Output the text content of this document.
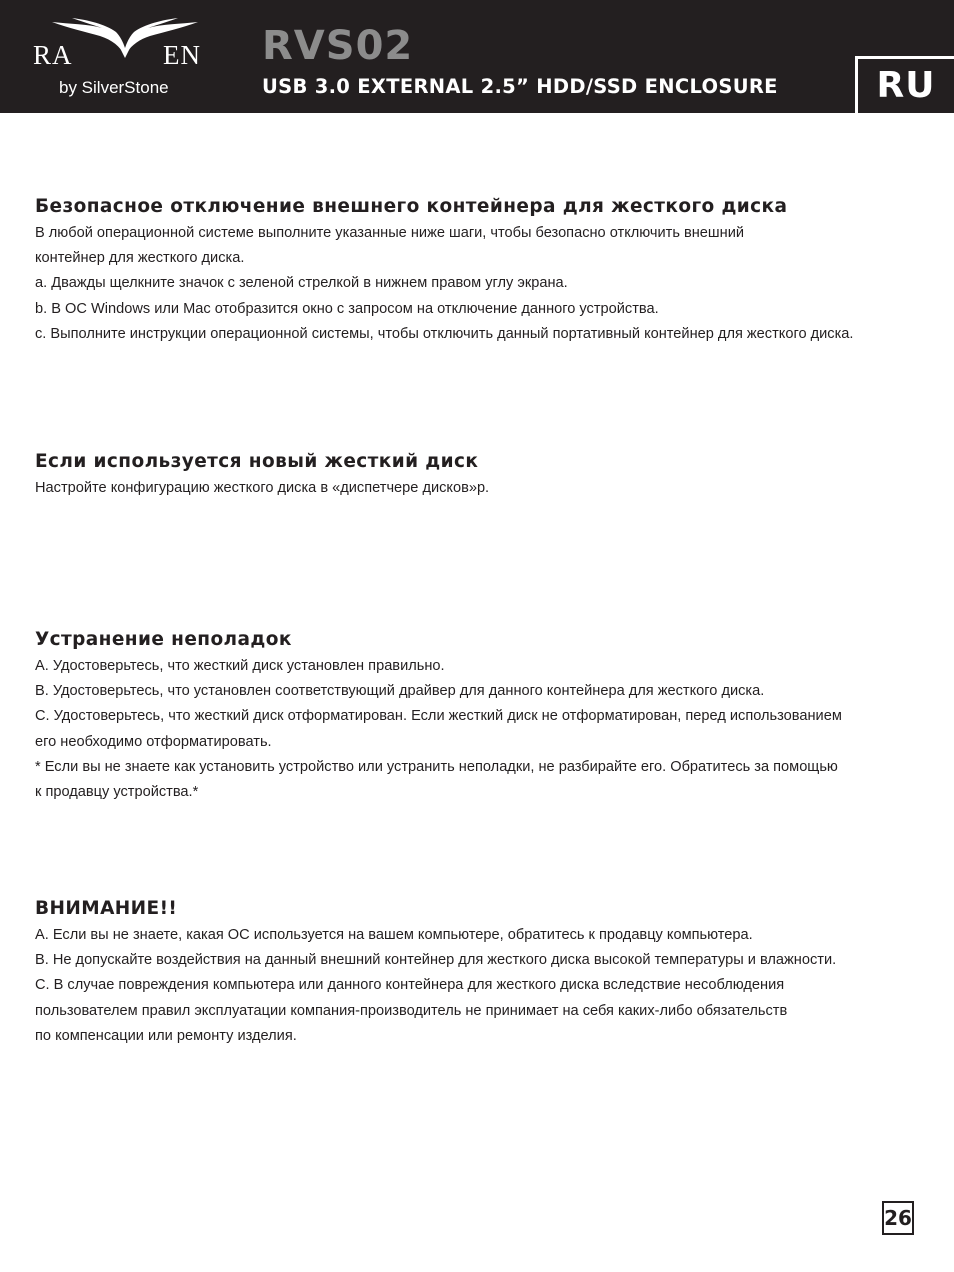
RA	EN
by SilverStone
RVS02
USB 3.0 EXTERNAL 2.5” HDD/SSD ENCLOSURE	RU
Безопасное отключение внешнего контейнера для жесткого диска

В любой операционной системе выполните указанные ниже шаги, чтобы безопасно отключить внешний

контейнер для жесткого диска.

a. Дважды щелкните значок с зеленой стрелкой в нижнем правом углу экрана.

b. В ОС Windows или Mac отобразится окно с запросом на отключение данного устройства.

c. Выполните инструкции операционной системы, чтобы отключить данный портативный контейнер для жесткого диска.

Если используется новый жесткий диск

Настройте конфигурацию жесткого диска в «диспетчере дисков»р.

Устранение неполадок

A. Удостоверьтесь, что жесткий диск установлен правильно.

B. Удостоверьтесь, что установлен соответствующий драйвер для данного контейнера для жесткого диска.

C. Удостоверьтесь, что жесткий диск отформатирован. Если жесткий диск не отформатирован, перед использованием

его необходимо отформатировать.

* Если вы не знаете как установить устройство или устранить неполадки, не разбирайте его. Обратитесь за помощью

к продавцу устройства.*

ВНИМАНИЕ!!

A. Если вы не знаете, какая ОС используется на вашем компьютере, обратитесь к продавцу компьютера.

B. Не допускайте воздействия на данный внешний контейнер для жесткого диска высокой температуры и влажности.

C. В случае повреждения компьютера или данного контейнера для жесткого диска вследствие несоблюдения

пользователем правил эксплуатации компания-производитель не принимает на себя каких-либо обязательств

по компенсации или ремонту изделия.

26
